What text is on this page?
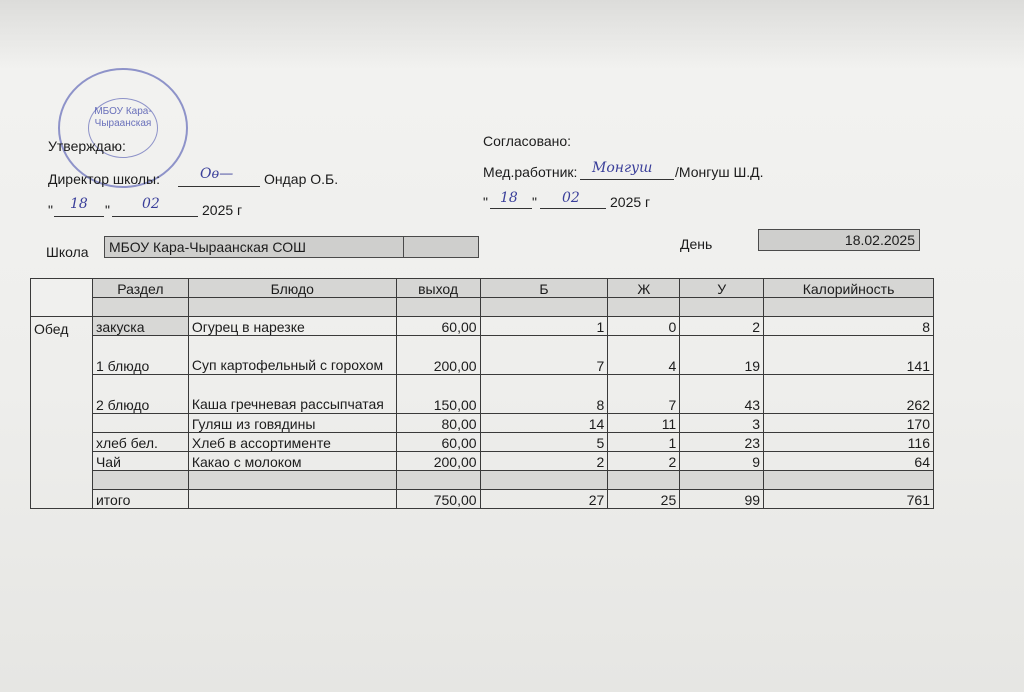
МБОУ Кара-Чыраанская
Утверждаю:
Директор школы:	Оѳ— Ондар О.Б.
" 18 " 02	2025 г
Согласовано:
Мед.работник: Монгуш /Монгуш Ш.Д.
" 18 " 02 2025 г
Школа	МБОУ Кара-Чыраанская СОШ	День	18.02.2025
	Раздел	Блюдо	выход	Б	Ж	У	Калорийность

Обед	закуска	Огурец в нарезке	60,00	1	0	2	8
	1 блюдо	Суп картофельный с горохом	200,00	7	4	19	141
	2 блюдо	Каша гречневая рассыпчатая	150,00	8	7	43	262
		Гуляш из говядины	80,00	14	11	3	170
	хлеб бел.	Хлеб в ассортименте	60,00	5	1	23	116
	Чай	Какао с молоком	200,00	2	2	9	64

	итого		750,00	27	25	99	761
